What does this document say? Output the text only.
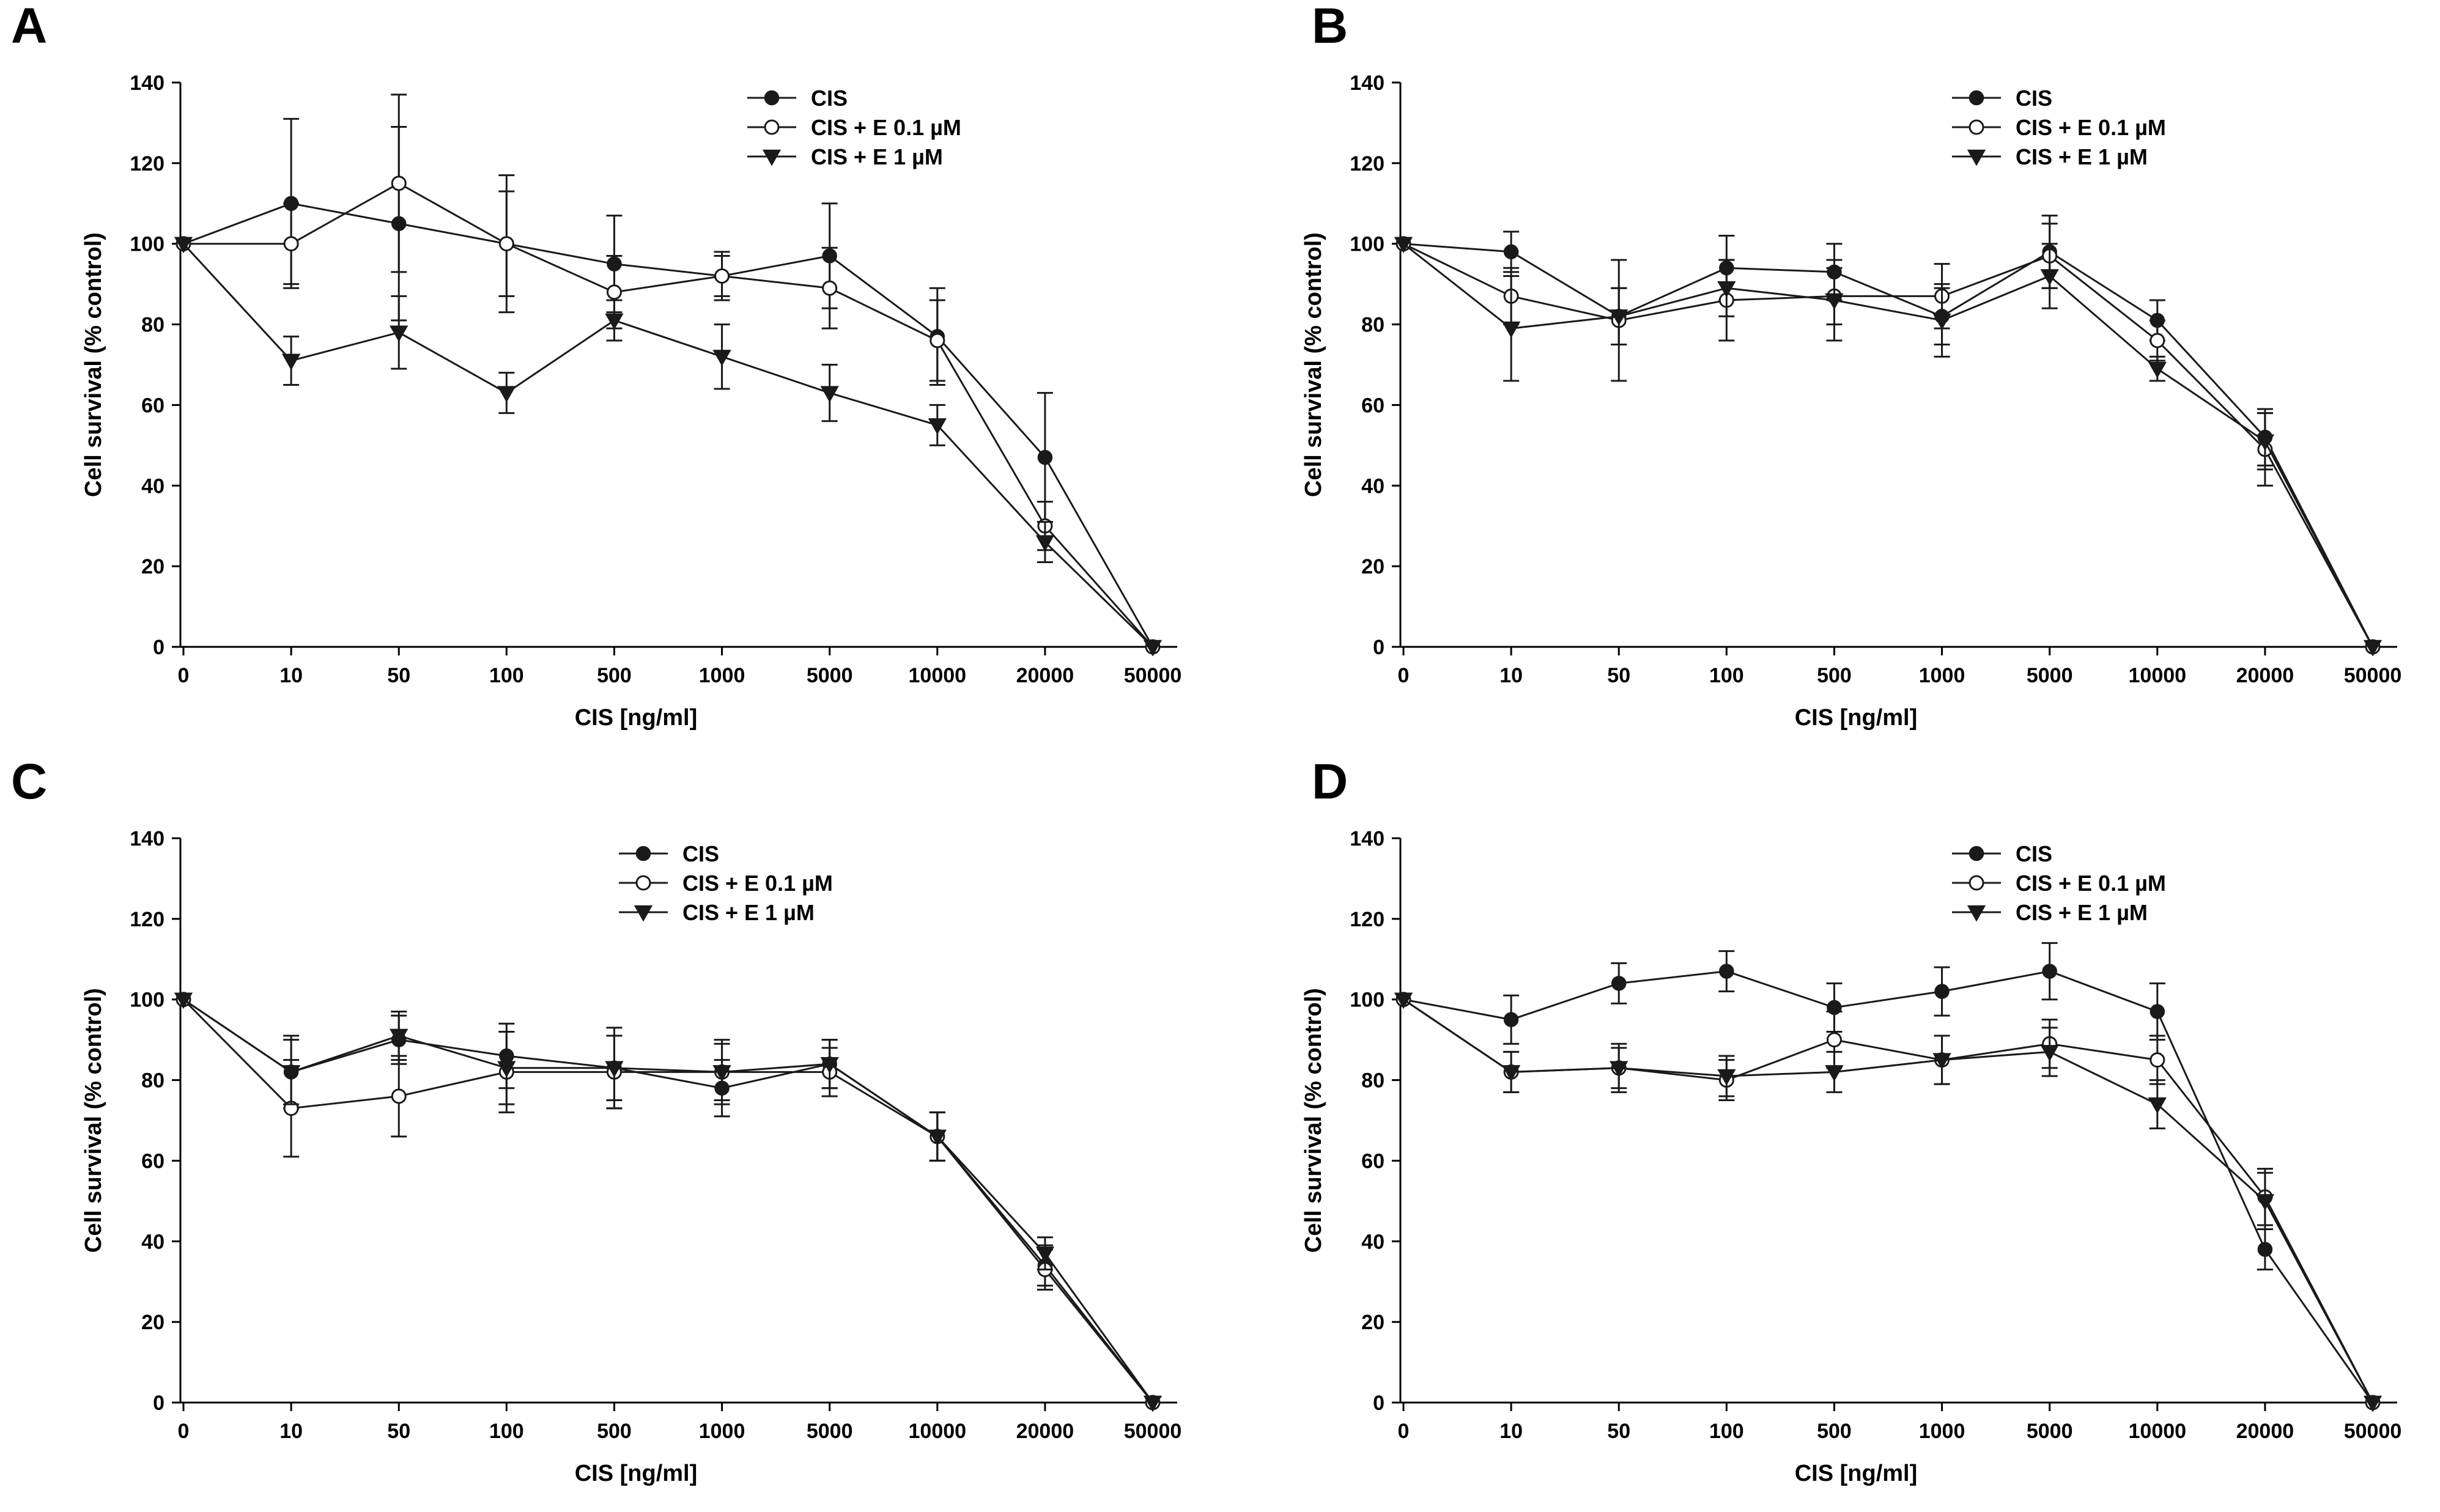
A
0
20
40
60
80
100
120
140
0	10	50	100	500	1000	5000	10000 20000 50000
CIS [ng/ml]
Cell survival (% control)
CIS
CIS + E 0.1 µM
CIS + E 1 µM
B
0
20
40
60
80
100
120
140
0	10	50	100	500	1000	5000	10000 20000 50000
CIS [ng/ml]
Cell survival (% control)
CIS
CIS + E 0.1 µM
CIS + E 1 µM
C
0
20
40
60
80
100
120
140
0	10	50	100	500	1000	5000	10000 20000 50000
CIS [ng/ml]
Cell survival (% control)
CIS
CIS + E 0.1 µM
CIS + E 1 µM
D
0
20
40
60
80
100
120
140
0	10	50	100	500	1000	5000	10000 20000 50000
CIS [ng/ml]
Cell survival (% control)
CIS
CIS + E 0.1 µM
CIS + E 1 µM
